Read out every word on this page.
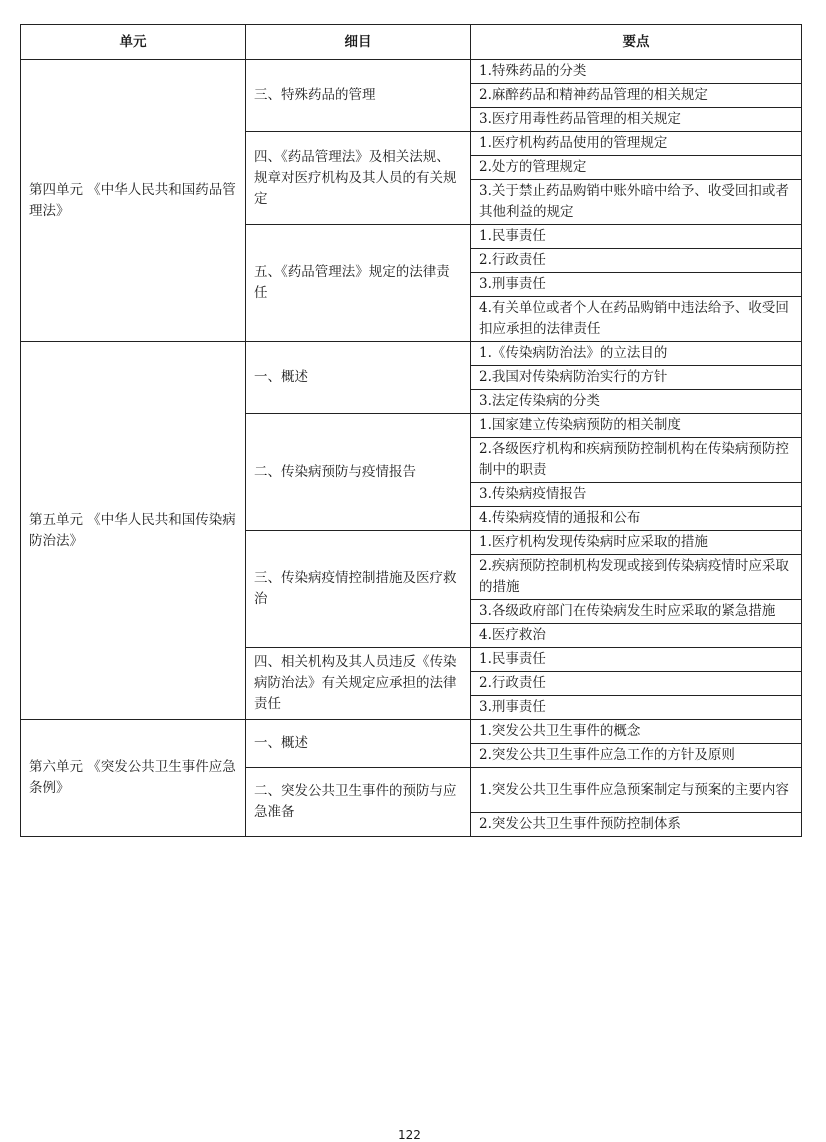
单元	细目	要点
第四单元 《中华人民共和国药品管理法》	三、特殊药品的管理	1.特殊药品的分类
		2.麻醉药品和精神药品管理的相关规定
		3.医疗用毒性药品管理的相关规定
	四、《药品管理法》及相关法规、规章对医疗机构及其人员的有关规定	1.医疗机构药品使用的管理规定
		2.处方的管理规定
		3.关于禁止药品购销中账外暗中给予、收受回扣或者其他利益的规定
	五、《药品管理法》规定的法律责任	1.民事责任
		2.行政责任
		3.刑事责任
		4.有关单位或者个人在药品购销中违法给予、收受回扣应承担的法律责任
第五单元 《中华人民共和国传染病防治法》	一、概述	1.《传染病防治法》的立法目的
		2.我国对传染病防治实行的方针
		3.法定传染病的分类
	二、传染病预防与疫情报告	1.国家建立传染病预防的相关制度
		2.各级医疗机构和疾病预防控制机构在传染病预防控制中的职责
		3.传染病疫情报告
		4.传染病疫情的通报和公布
	三、传染病疫情控制措施及医疗救治	1.医疗机构发现传染病时应采取的措施
		2.疾病预防控制机构发现或接到传染病疫情时应采取的措施
		3.各级政府部门在传染病发生时应采取的紧急措施
		4.医疗救治
	四、相关机构及其人员违反《传染病防治法》有关规定应承担的法律责任	1.民事责任
		2.行政责任
		3.刑事责任
第六单元 《突发公共卫生事件应急条例》	一、概述	1.突发公共卫生事件的概念
		2.突发公共卫生事件应急工作的方针及原则
	二、突发公共卫生事件的预防与应急准备	1.突发公共卫生事件应急预案制定与预案的主要内容
		2.突发公共卫生事件预防控制体系
122
